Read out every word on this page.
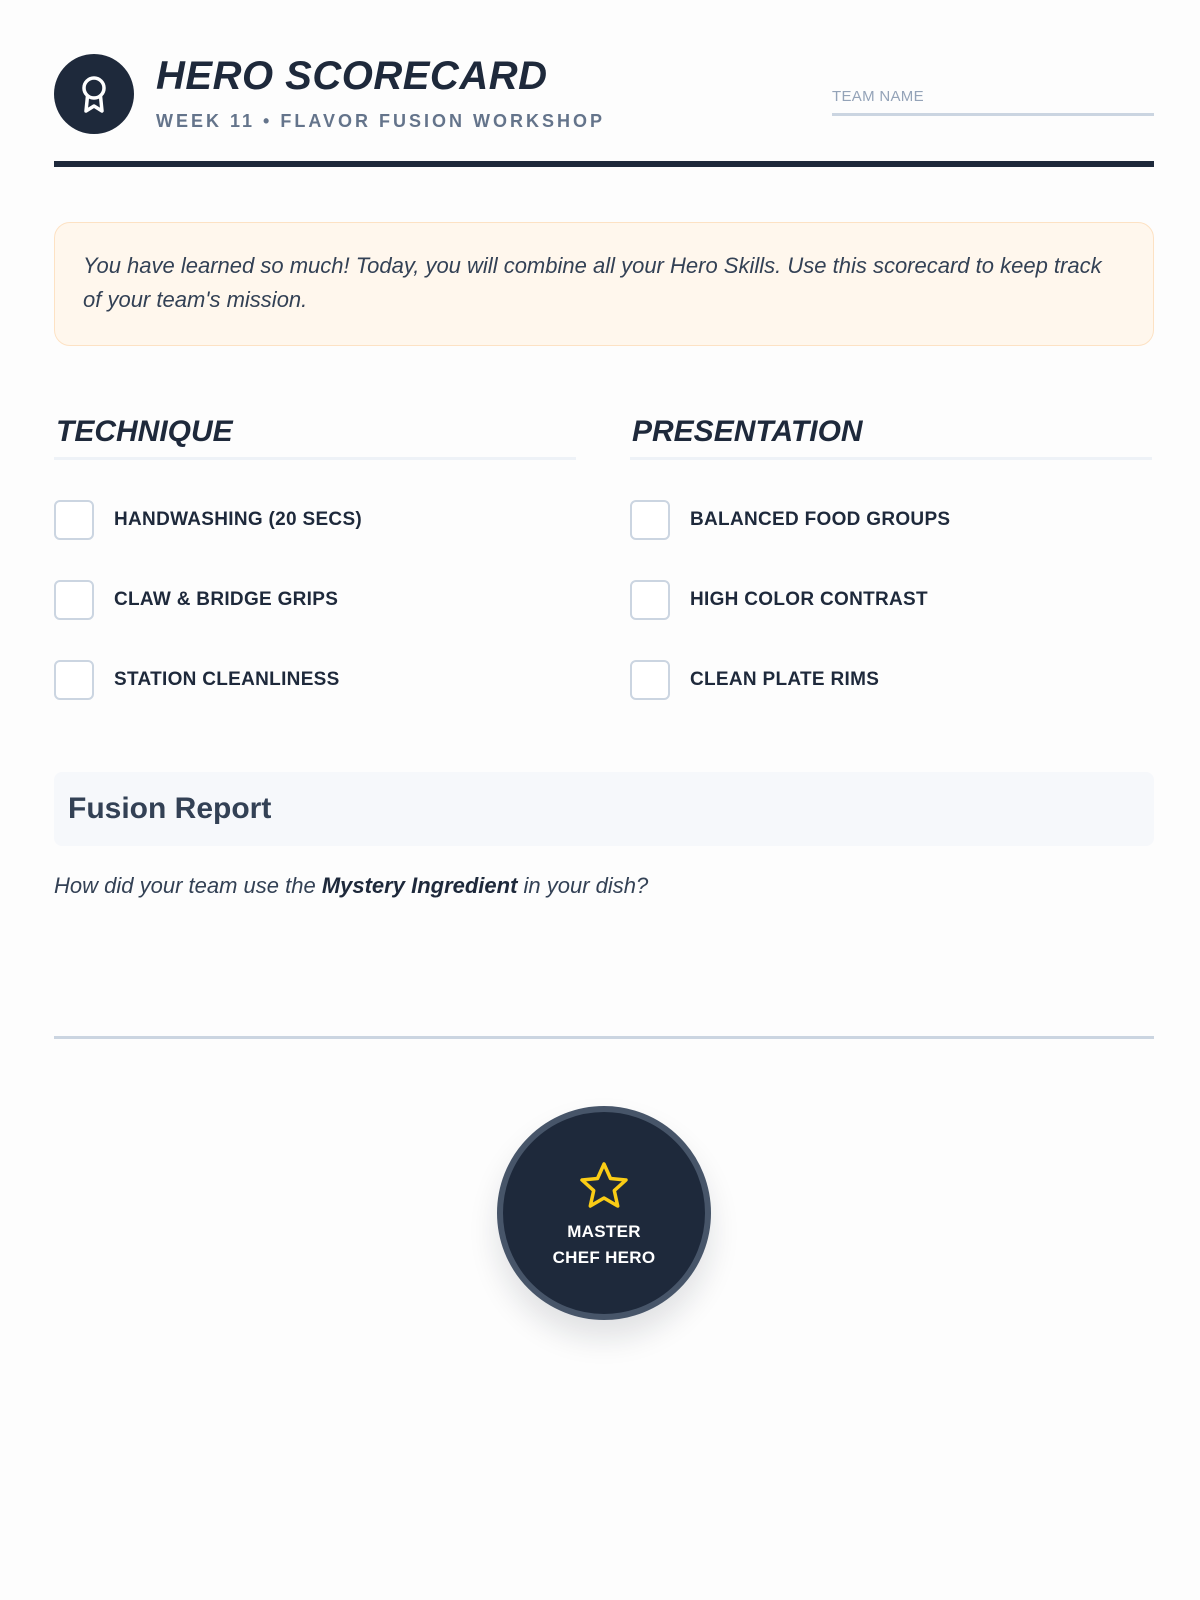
HERO SCORECARD
WEEK 11 • FLAVOR FUSION WORKSHOP
TEAM NAME
You have learned so much! Today, you will combine all your Hero Skills. Use this scorecard to keep track of your team's mission.
TECHNIQUE
HANDWASHING (20 SECS)
CLAW & BRIDGE GRIPS
STATION CLEANLINESS
PRESENTATION
BALANCED FOOD GROUPS
HIGH COLOR CONTRAST
CLEAN PLATE RIMS
Fusion Report
How did your team use the Mystery Ingredient in your dish?
MASTER
CHEF HERO
